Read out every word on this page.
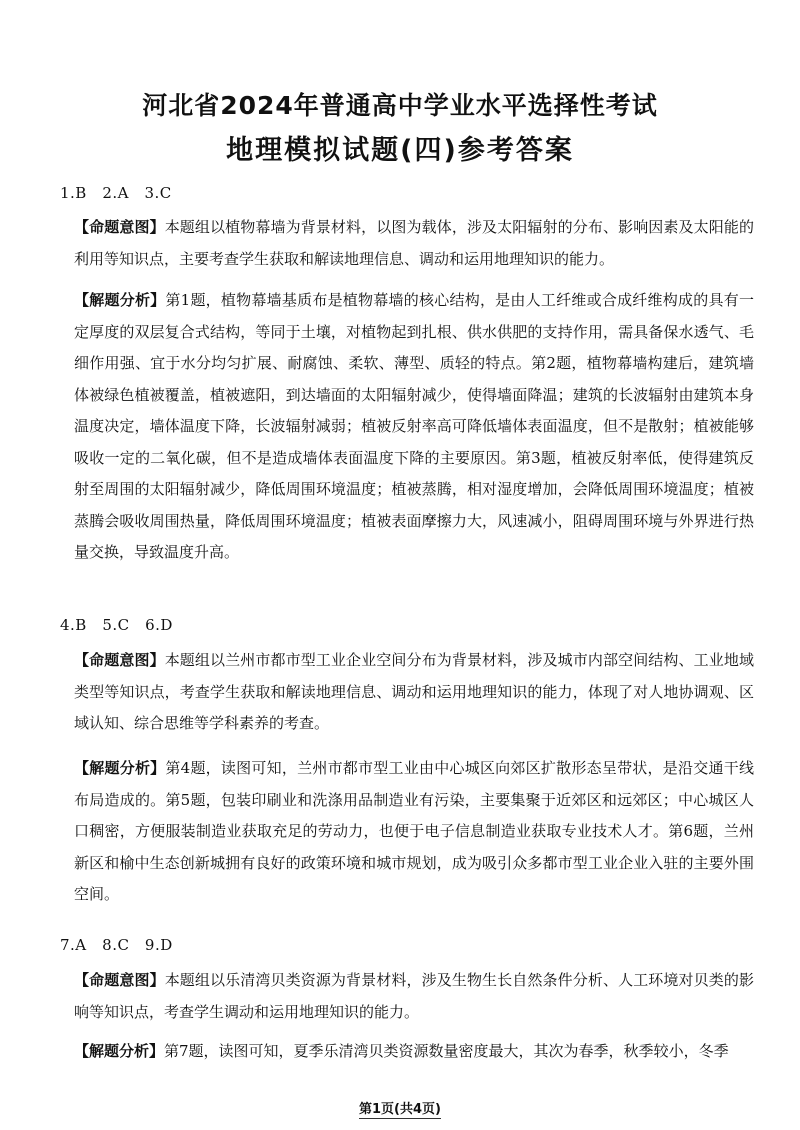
河北省2024年普通高中学业水平选择性考试
地理模拟试题(四)参考答案

1.B　2.A　3.C

【命题意图】本题组以植物幕墙为背景材料，以图为载体，涉及太阳辐射的分布、影响因素及太阳能的利用等知识点，主要考查学生获取和解读地理信息、调动和运用地理知识的能力。

【解题分析】第1题，植物幕墙基质布是植物幕墙的核心结构，是由人工纤维或合成纤维构成的具有一定厚度的双层复合式结构，等同于土壤，对植物起到扎根、供水供肥的支持作用，需具备保水透气、毛细作用强、宜于水分均匀扩展、耐腐蚀、柔软、薄型、质轻的特点。第2题，植物幕墙构建后，建筑墙体被绿色植被覆盖，植被遮阳，到达墙面的太阳辐射减少，使得墙面降温；建筑的长波辐射由建筑本身温度决定，墙体温度下降，长波辐射减弱；植被反射率高可降低墙体表面温度，但不是散射；植被能够吸收一定的二氧化碳，但不是造成墙体表面温度下降的主要原因。第3题，植被反射率低，使得建筑反射至周围的太阳辐射减少，降低周围环境温度；植被蒸腾，相对湿度增加，会降低周围环境温度；植被蒸腾会吸收周围热量，降低周围环境温度；植被表面摩擦力大，风速减小，阻碍周围环境与外界进行热量交换，导致温度升高。

4.B　5.C　6.D

【命题意图】本题组以兰州市都市型工业企业空间分布为背景材料，涉及城市内部空间结构、工业地域类型等知识点，考查学生获取和解读地理信息、调动和运用地理知识的能力，体现了对人地协调观、区域认知、综合思维等学科素养的考查。

【解题分析】第4题，读图可知，兰州市都市型工业由中心城区向郊区扩散形态呈带状，是沿交通干线布局造成的。第5题，包装印刷业和洗涤用品制造业有污染，主要集聚于近郊区和远郊区；中心城区人口稠密，方便服装制造业获取充足的劳动力，也便于电子信息制造业获取专业技术人才。第6题，兰州新区和榆中生态创新城拥有良好的政策环境和城市规划，成为吸引众多都市型工业企业入驻的主要外围空间。

7.A　8.C　9.D

【命题意图】本题组以乐清湾贝类资源为背景材料，涉及生物生长自然条件分析、人工环境对贝类的影响等知识点，考查学生调动和运用地理知识的能力。

【解题分析】第7题，读图可知，夏季乐清湾贝类资源数量密度最大，其次为春季，秋季较小，冬季

第1页(共4页)
